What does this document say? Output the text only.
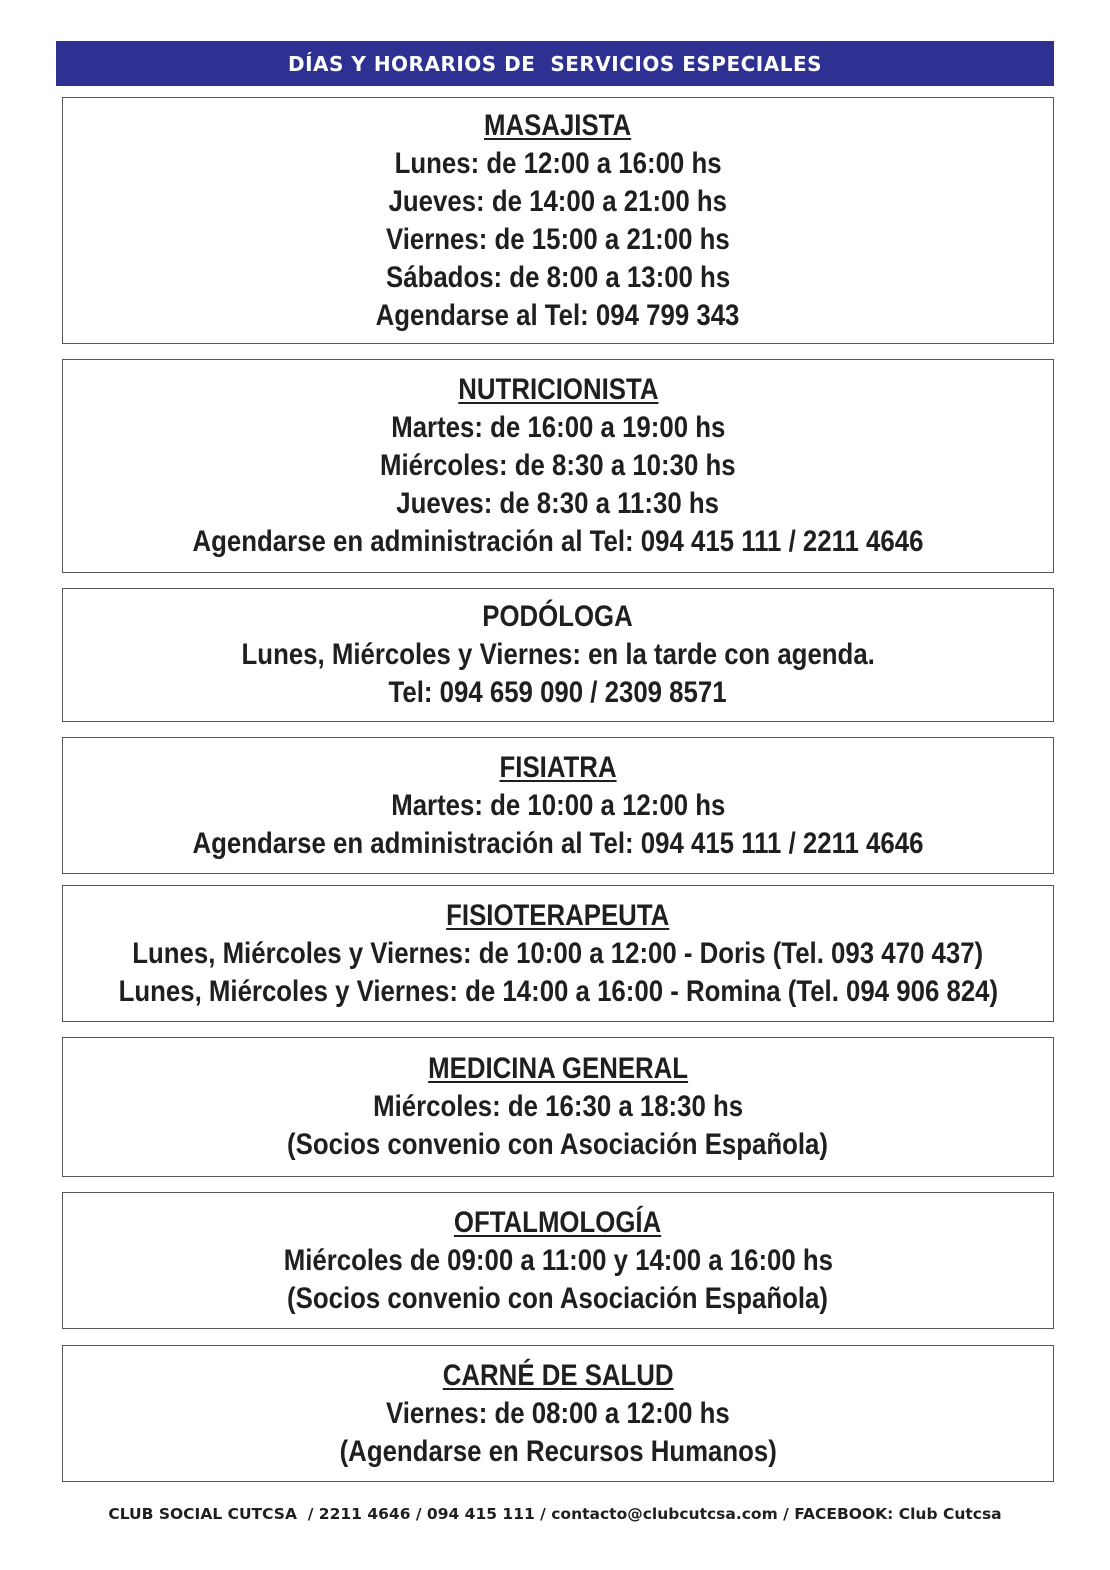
DÍAS Y HORARIOS DE  SERVICIOS ESPECIALES
MASAJISTA
Lunes: de 12:00 a 16:00 hs
Jueves: de 14:00 a 21:00 hs
Viernes: de 15:00 a 21:00 hs
Sábados: de 8:00 a 13:00 hs
Agendarse al Tel: 094 799 343
NUTRICIONISTA
Martes: de 16:00 a 19:00 hs
Miércoles: de 8:30 a 10:30 hs
Jueves: de 8:30 a 11:30 hs
Agendarse en administración al Tel: 094 415 111 / 2211 4646
PODÓLOGA
Lunes, Miércoles y Viernes: en la tarde con agenda.
Tel: 094 659 090 / 2309 8571
FISIATRA
Martes: de 10:00 a 12:00 hs
Agendarse en administración al Tel: 094 415 111 / 2211 4646
FISIOTERAPEUTA
Lunes, Miércoles y Viernes: de 10:00 a 12:00 - Doris (Tel. 093 470 437)
Lunes, Miércoles y Viernes: de 14:00 a 16:00 - Romina (Tel. 094 906 824)
MEDICINA GENERAL
Miércoles: de 16:30 a 18:30 hs
(Socios convenio con Asociación Española)
OFTALMOLOGÍA
Miércoles de 09:00 a 11:00 y 14:00 a 16:00 hs
(Socios convenio con Asociación Española)
CARNÉ DE SALUD
Viernes: de 08:00 a 12:00 hs
(Agendarse en Recursos Humanos)
CLUB SOCIAL CUTCSA  / 2211 4646 / 094 415 111 / contacto@clubcutcsa.com / FACEBOOK: Club Cutcsa
